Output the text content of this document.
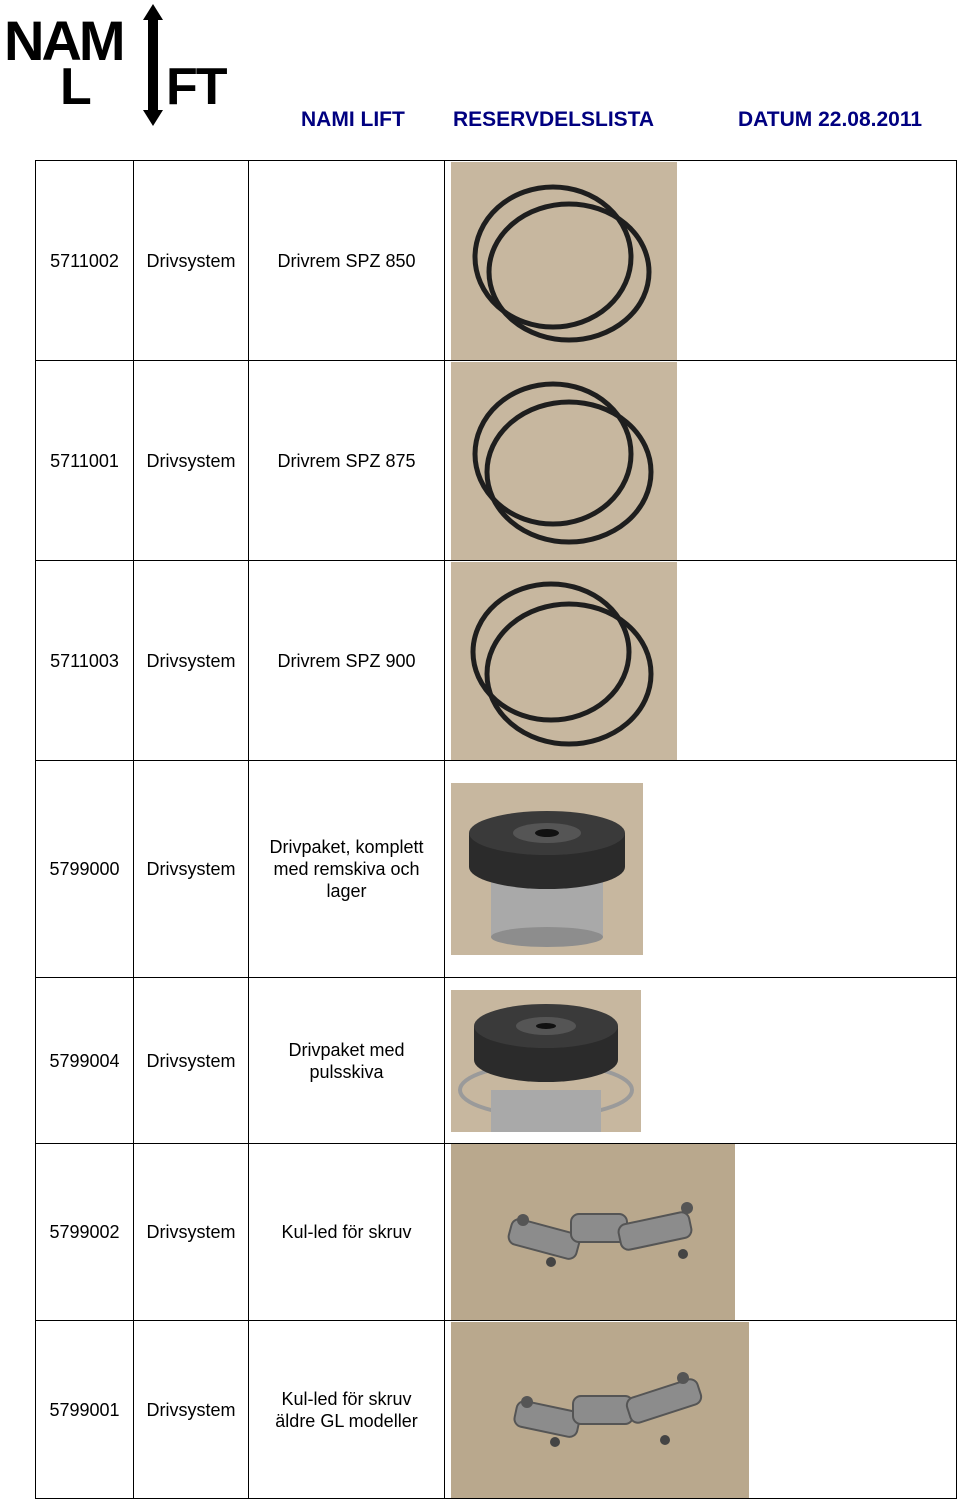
NAM
L FT
NAMI LIFT RESERVDELSLISTA	DATUM 22.08.2011
5711002	Drivsystem	Drivrem SPZ 850	

5711001	Drivsystem	Drivrem SPZ 875	

5711003	Drivsystem	Drivrem SPZ 900	

5799000	Drivsystem	Drivpaket, komplett med remskiva och lager	

5799004	Drivsystem	Drivpaket med pulsskiva	

5799002	Drivsystem	Kul-led för skruv	

5799001	Drivsystem	Kul-led för skruv äldre GL modeller	
